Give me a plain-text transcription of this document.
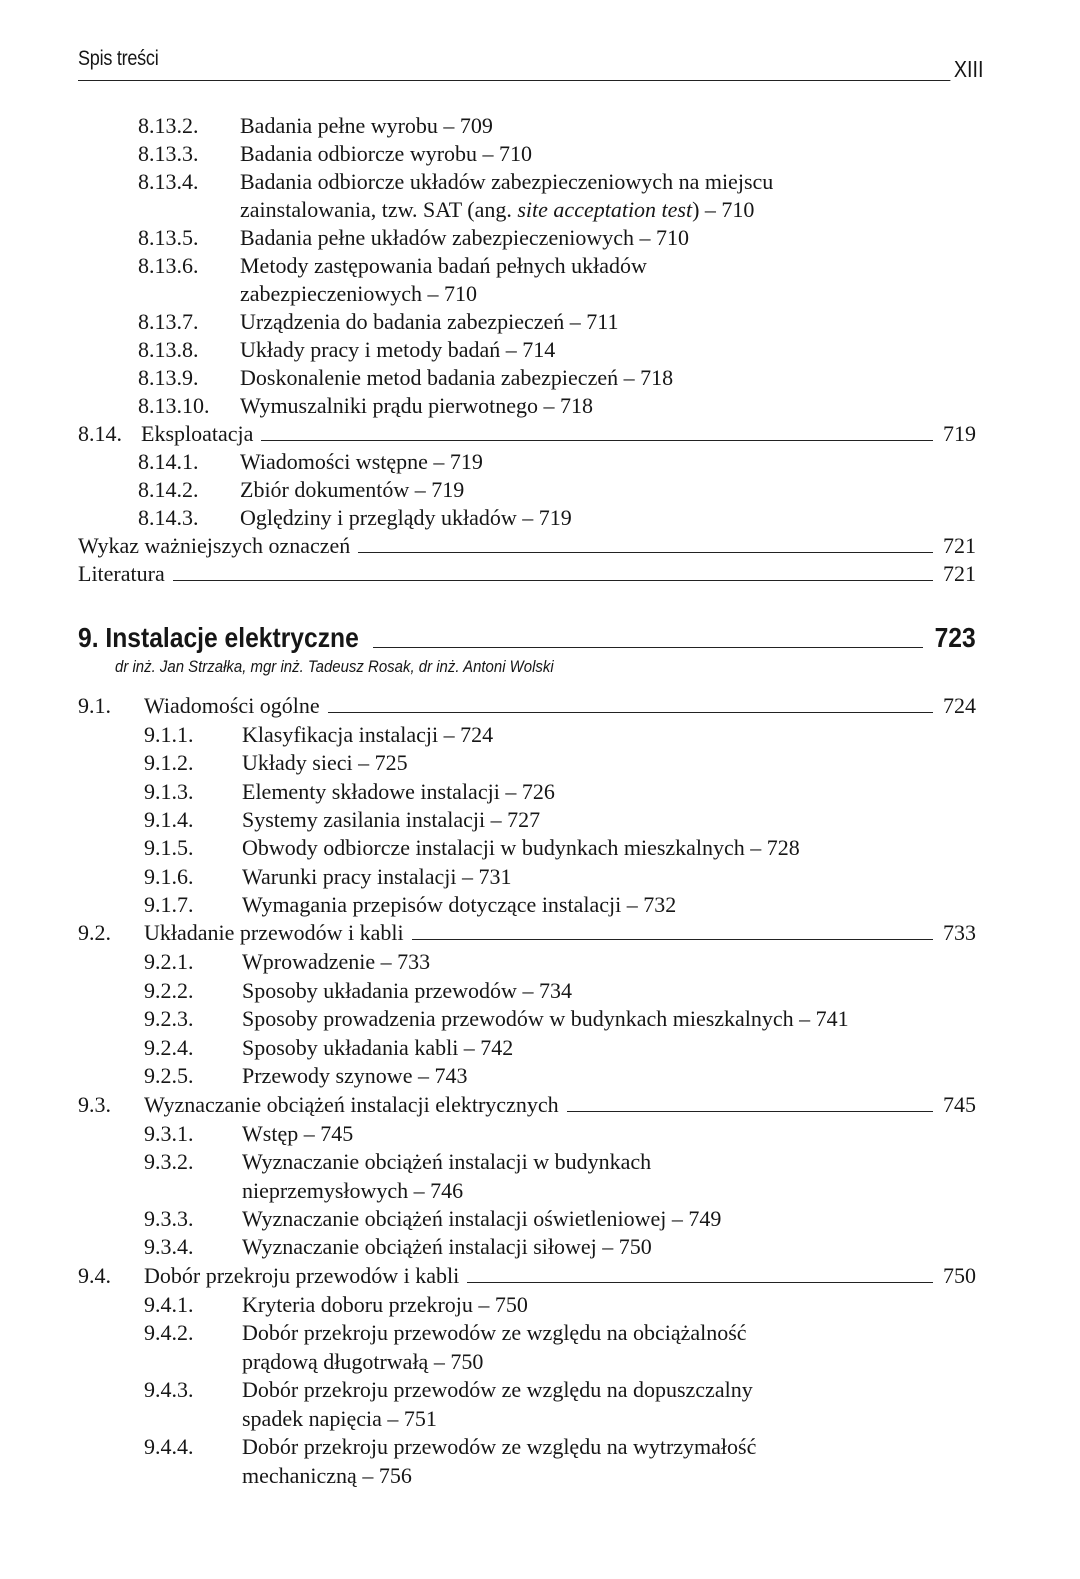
Spis treści	XIII
8.13.2. Badania pełne wyrobu – 709
8.13.3. Badania odbiorcze wyrobu – 710
8.13.4. Badania odbiorcze układów zabezpieczeniowych na miejscu
zainstalowania, tzw. SAT (ang. site acceptation test) – 710
8.13.5. Badania pełne układów zabezpieczeniowych – 710
8.13.6. Metody zastępowania badań pełnych układów
zabezpieczeniowych – 710
8.13.7. Urządzenia do badania zabezpieczeń – 711
8.13.8. Układy pracy i metody badań – 714
8.13.9. Doskonalenie metod badania zabezpieczeń – 718
8.13.10. Wymuszalniki prądu pierwotnego – 718
8.14. Eksploatacja	719
8.14.1. Wiadomości wstępne – 719
8.14.2. Zbiór dokumentów – 719
8.14.3. Oględziny i przeglądy układów – 719
Wykaz ważniejszych oznaczeń	721
Literatura	721
9. Instalacje elektryczne	723
dr inż. Jan Strzałka, mgr inż. Tadeusz Rosak, dr inż. Antoni Wolski
9.1.	Wiadomości ogólne	724
9.1.1. Klasyfikacja instalacji – 724
9.1.2. Układy sieci – 725
9.1.3. Elementy składowe instalacji – 726
9.1.4. Systemy zasilania instalacji – 727
9.1.5. Obwody odbiorcze instalacji w budynkach mieszkalnych – 728
9.1.6. Warunki pracy instalacji – 731
9.1.7. Wymagania przepisów dotyczące instalacji – 732
9.2.	Układanie przewodów i kabli	733
9.2.1. Wprowadzenie – 733
9.2.2. Sposoby układania przewodów – 734
9.2.3. Sposoby prowadzenia przewodów w budynkach mieszkalnych – 741
9.2.4. Sposoby układania kabli – 742
9.2.5. Przewody szynowe – 743
9.3.	Wyznaczanie obciążeń instalacji elektrycznych	745
9.3.1. Wstęp – 745
9.3.2. Wyznaczanie obciążeń instalacji w budynkach
nieprzemysłowych – 746
9.3.3. Wyznaczanie obciążeń instalacji oświetleniowej – 749
9.3.4. Wyznaczanie obciążeń instalacji siłowej – 750
9.4.	Dobór przekroju przewodów i kabli	750
9.4.1. Kryteria doboru przekroju – 750
9.4.2. Dobór przekroju przewodów ze względu na obciążalność
prądową długotrwałą – 750
9.4.3. Dobór przekroju przewodów ze względu na dopuszczalny
spadek napięcia – 751
9.4.4. Dobór przekroju przewodów ze względu na wytrzymałość
mechaniczną – 756
